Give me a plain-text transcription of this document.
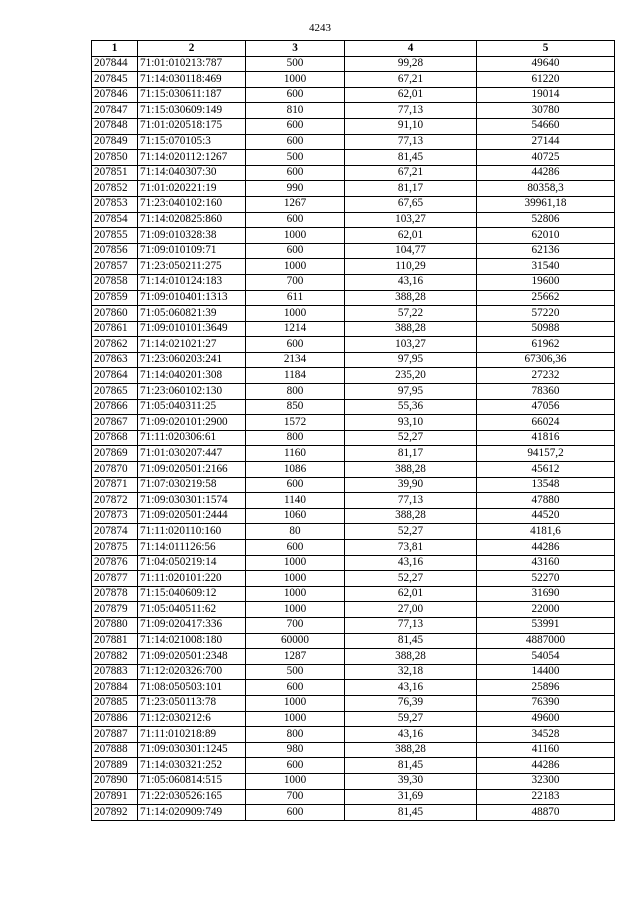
4243
1	2	3	4	5
207844	71:01:010213:787	500	99,28	49640
207845	71:14:030118:469	1000	67,21	61220
207846	71:15:030611:187	600	62,01	19014
207847	71:15:030609:149	810	77,13	30780
207848	71:01:020518:175	600	91,10	54660
207849	71:15:070105:3	600	77,13	27144
207850	71:14:020112:1267	500	81,45	40725
207851	71:14:040307:30	600	67,21	44286
207852	71:01:020221:19	990	81,17	80358,3
207853	71:23:040102:160	1267	67,65	39961,18
207854	71:14:020825:860	600	103,27	52806
207855	71:09:010328:38	1000	62,01	62010
207856	71:09:010109:71	600	104,77	62136
207857	71:23:050211:275	1000	110,29	31540
207858	71:14:010124:183	700	43,16	19600
207859	71:09:010401:1313	611	388,28	25662
207860	71:05:060821:39	1000	57,22	57220
207861	71:09:010101:3649	1214	388,28	50988
207862	71:14:021021:27	600	103,27	61962
207863	71:23:060203:241	2134	97,95	67306,36
207864	71:14:040201:308	1184	235,20	27232
207865	71:23:060102:130	800	97,95	78360
207866	71:05:040311:25	850	55,36	47056
207867	71:09:020101:2900	1572	93,10	66024
207868	71:11:020306:61	800	52,27	41816
207869	71:01:030207:447	1160	81,17	94157,2
207870	71:09:020501:2166	1086	388,28	45612
207871	71:07:030219:58	600	39,90	13548
207872	71:09:030301:1574	1140	77,13	47880
207873	71:09:020501:2444	1060	388,28	44520
207874	71:11:020110:160	80	52,27	4181,6
207875	71:14:011126:56	600	73,81	44286
207876	71:04:050219:14	1000	43,16	43160
207877	71:11:020101:220	1000	52,27	52270
207878	71:15:040609:12	1000	62,01	31690
207879	71:05:040511:62	1000	27,00	22000
207880	71:09:020417:336	700	77,13	53991
207881	71:14:021008:180	60000	81,45	4887000
207882	71:09:020501:2348	1287	388,28	54054
207883	71:12:020326:700	500	32,18	14400
207884	71:08:050503:101	600	43,16	25896
207885	71:23:050113:78	1000	76,39	76390
207886	71:12:030212:6	1000	59,27	49600
207887	71:11:010218:89	800	43,16	34528
207888	71:09:030301:1245	980	388,28	41160
207889	71:14:030321:252	600	81,45	44286
207890	71:05:060814:515	1000	39,30	32300
207891	71:22:030526:165	700	31,69	22183
207892	71:14:020909:749	600	81,45	48870
